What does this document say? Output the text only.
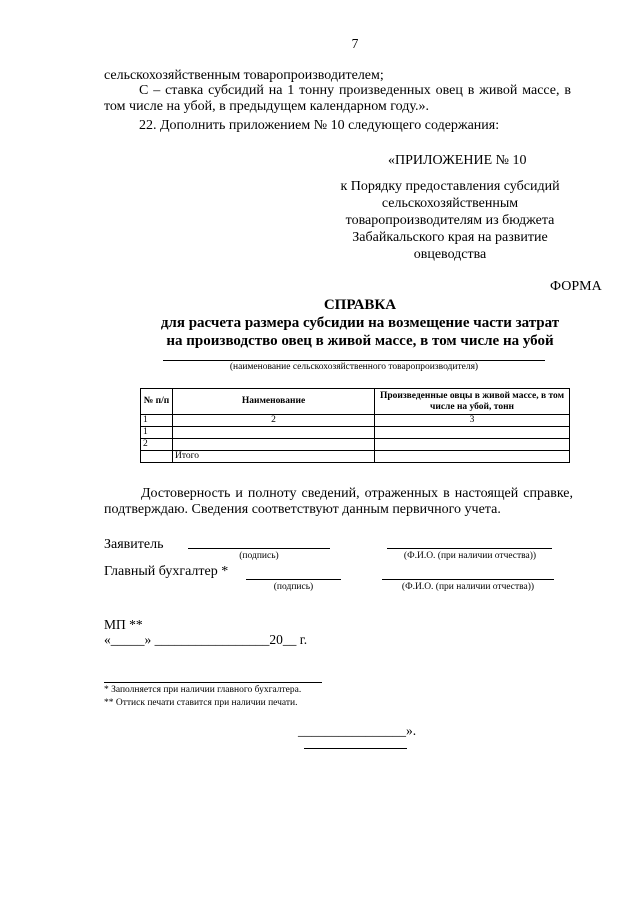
7
сельскохозяйственным товаропроизводителем;
С – ставка субсидий на 1 тонну произведенных овец в живой массе, в
том числе на убой, в предыдущем календарном году.».
22. Дополнить приложением № 10 следующего содержания:
«ПРИЛОЖЕНИЕ № 10
к Порядку предоставления субсидий
сельскохозяйственным
товаропроизводителям из бюджета
Забайкальского края на развитие
овцеводства
ФОРМА
СПРАВКА
для расчета размера субсидии на возмещение части затрат
на производство овец в живой массе, в том числе на убой
(наименование сельскохозяйственного товаропроизводителя)
№ п/п	Наименование	Произведенные овцы в живой массе, в том числе на убой, тонн
1	2	3
1		
2		
	Итого	
Достоверность и полноту сведений, отраженных в настоящей справке,
подтверждаю. Сведения соответствуют данным первичного учета.
Заявитель
(подпись)	(Ф.И.О. (при наличии отчества))
Главный бухгалтер *
(подпись)	(Ф.И.О. (при наличии отчества))
МП **
«_____» _________________20__ г.
* Заполняется при наличии главного бухгалтера.
** Оттиск печати ставится при наличии печати.
________________».
